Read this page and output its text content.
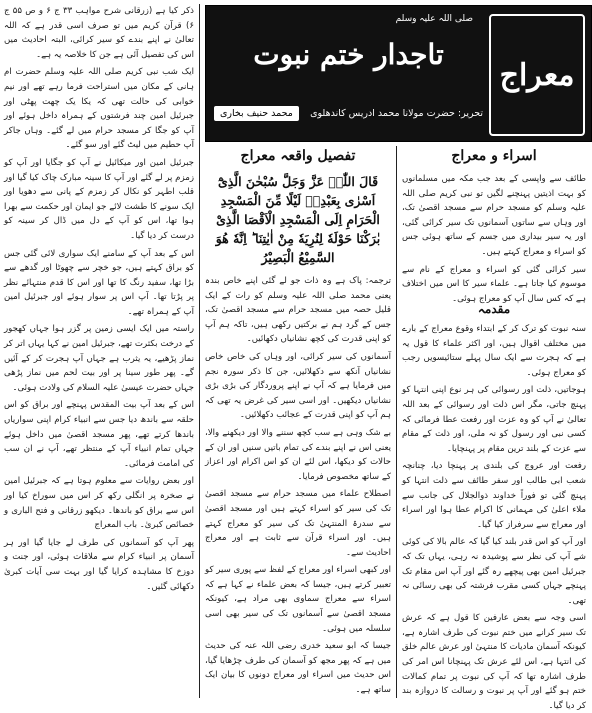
معراج
صلی اللہ علیہ وسلم
تاجدار ختم نبوت
تحریر: حضرت مولانا محمد ادریس کاندھلوی
محمد حنیف بخاری

ذکر کیا ہے (زرقانی شرح مواہب ۳۳ ج ۶ و ص ۵۵ ج ۶) قرآن کریم میں تو صرف اسی قدر ہے کہ اللہ تعالیٰ نے اپنے بندے کو سیر کرائی، البتہ احادیث میں اس کی تفصیل آئی ہے جن کا خلاصہ یہ ہے۔

ایک شب نبی کریم صلی اللہ علیہ وسلم حضرت ام ہانی کے مکان میں استراحت فرما رہے تھے اور نیم خوابی کی حالت تھی کہ یکا یک چھت پھٹی اور جبرئیل امین چند فرشتوں کے ہمراہ داخل ہوئے اور آپ کو جگا کر مسجد حرام میں لے گئے۔ وہاں جاکر آپ حطیم میں لیٹ گئے اور سو گئے۔

جبرئیل امین اور میکائیل نے آپ کو جگایا اور آپ کو زمزم پر لے گئے اور آپ کا سینہ مبارک چاک کیا گیا اور قلب اطہر کو نکال کر زمزم کے پانی سے دھویا اور ایک سونے کا طشت لائے جو ایمان اور حکمت سے بھرا ہوا تھا، اس کو آپ کے دل میں ڈال کر سینہ کو درست کر دیا گیا۔

اس کے بعد آپ کے سامنے ایک سواری لائی گئی جس کو براق کہتے ہیں، جو خچر سے چھوٹا اور گدھے سے بڑا تھا، سفید رنگ کا تھا اور اس کا قدم منتہائے نظر پر پڑتا تھا۔ آپ اس پر سوار ہوئے اور جبرئیل امین آپ کے ہمراہ تھے۔

راستہ میں ایک ایسی زمین پر گزر ہوا جہاں کھجور کے درخت بکثرت تھے، جبرئیل امین نے کہا یہاں اتر کر نماز پڑھیے، یہ یثرب ہے جہاں آپ ہجرت کر کے آئیں گے۔ پھر طور سینا پر اور بیت لحم میں نماز پڑھی جہاں حضرت عیسیٰ علیہ السلام کی ولادت ہوئی۔

اس کے بعد آپ بیت المقدس پہنچے اور براق کو اس حلقہ سے باندھ دیا جس سے انبیاء کرام اپنی سواریاں باندھا کرتے تھے، پھر مسجد اقصیٰ میں داخل ہوئے جہاں تمام انبیاء آپ کے منتظر تھے، آپ نے ان سب کی امامت فرمائی۔

اور بعض روایات سے معلوم ہوتا ہے کہ جبرئیل امین نے صخرہ پر انگلی رکھ کر اس میں سوراخ کیا اور اس سے براق کو باندھا۔ دیکھو زرقانی و فتح الباری و خصائص کبریٰ۔ باب المعراج

پھر آپ کو آسمانوں کی طرف لے جایا گیا اور ہر آسمان پر انبیاء کرام سے ملاقات ہوئی، اور جنت و دوزخ کا مشاہدہ کرایا گیا اور بہت سی آیات کبریٰ دکھائی گئیں۔

تفصیل واقعہ معراج
قَالَ اللّٰہُ عَزَّ وَجَلَّ سُبْحٰنَ الَّذِیْٓ اَسْرٰی بِعَبْدِهٖ لَیْلًا مِّنَ الْمَسْجِدِ الْحَرَامِ اِلَى الْمَسْجِدِ الْاَقْصَا الَّذِیْ بٰرَكْنَا حَوْلَهٗ لِنُرِیَهٗ مِنْ اٰیٰتِنَا ؕ اِنَّهٗ هُوَ السَّمِیْعُ الْبَصِیْرُ

ترجمہ: پاک ہے وہ ذات جو لے گئی اپنے خاص بندہ یعنی محمد صلی اللہ علیہ وسلم کو رات کے ایک قلیل حصہ میں مسجد حرام سے مسجد اقصیٰ تک، جس کے گرد ہم نے برکتیں رکھی ہیں، تاکہ ہم آپ کو اپنی قدرت کی کچھ نشانیاں دکھائیں۔

آسمانوں کی سیر کرائی، اور وہاں کی خاص خاص نشانیاں آنکھ سے دکھلائیں، جن کا ذکر سورہ نجم میں فرمایا ہے کہ آپ نے اپنے پروردگار کی بڑی بڑی نشانیاں دیکھیں۔ اور اسی سیر کی غرض یہ تھی کہ ہم آپ کو اپنی قدرت کے عجائب دکھلائیں۔

بے شک وہی ہے سب کچھ سننے والا اور دیکھنے والا، یعنی اس نے اپنے بندے کی تمام باتیں سنیں اور ان کے حالات کو دیکھا، اس لئے ان کو اس اکرام اور اعزاز کے ساتھ مخصوص فرمایا۔

اصطلاح علماء میں مسجد حرام سے مسجد اقصیٰ تک کی سیر کو اسراء کہتے ہیں اور مسجد اقصیٰ سے سدرۃ المنتہیٰ تک کی سیر کو معراج کہتے ہیں۔ اور اسراء قرآن سے ثابت ہے اور معراج احادیث سے۔

اور کبھی اسراء اور معراج کے لفظ سے پوری سیر کو تعبیر کرتے ہیں، جیسا کہ بعض علماء نے کہا ہے کہ اسراء سے معراج سماوی بھی مراد ہے، کیونکہ مسجد اقصیٰ سے آسمانوں تک کی سیر بھی اسی سلسلہ میں ہوئی۔

جیسا کہ ابو سعید خدری رضی اللہ عنہ کی حدیث میں ہے کہ پھر مجھ کو آسمان کی طرف چڑھایا گیا، اس حدیث میں اسراء اور معراج دونوں کا بیان ایک ساتھ ہے۔

اسراء و معراج

طائف سے واپسی کے بعد جب مکہ میں مسلمانوں کو بہت اذیتیں پہنچنے لگیں تو نبی کریم صلی اللہ علیہ وسلم کو مسجد حرام سے مسجد اقصیٰ تک، اور وہاں سے ساتوں آسمانوں تک سیر کرائی گئی، اور یہ سیر بیداری میں جسم کے ساتھ ہوئی جس کو اسراء و معراج کہتے ہیں۔

سیر کرائی گئی کو اسراء و معراج کے نام سے موسوم کیا جاتا ہے۔ علماء سیر کا اس میں اختلاف ہے کہ کس سال آپ کو معراج ہوئی۔

مقدمہ

سنہ نبوت کو ترک کر کے ابتداء وقوع معراج کے بارے میں مختلف اقوال ہیں، اور اکثر علماء کا قول یہ ہے کہ ہجرت سے ایک سال پہلے ستائیسویں رجب کو معراج ہوئی۔

ہوجاتیں، ذلت اور رسوائی کی ہر نوع اپنی انتہا کو پہنچ جاتی، مگر اس ذلت اور رسوائی کے بعد اللہ تعالیٰ نے آپ کو وہ عزت اور رفعت عطا فرمائی کہ کسی نبی اور رسول کو نہ ملی، اور ذلت کے مقام سے عزت کے بلند ترین مقام پر پہنچایا۔

رفعت اور عروج کی بلندی پر پہنچا دیا، چنانچہ شعب ابی طالب اور سفر طائف سے ذلت انتہا کو پہنچ گئی تو فوراً خداوند ذوالجلال کی جانب سے ملاء اعلیٰ کی مہمانی کا اکرام عطا ہوا اور اسراء اور معراج سے سرفراز کیا گیا۔

اور آپ کو اس قدر بلند کیا گیا کہ عالم بالا کی کوئی شے آپ کی نظر سے پوشیدہ نہ رہی، یہاں تک کہ جبرئیل امین بھی پیچھے رہ گئے اور آپ اس مقام تک پہنچے جہاں کسی مقرب فرشتہ کی بھی رسائی نہ تھی۔

اسی وجہ سے بعض عارفین کا قول ہے کہ عرش تک سیر کرانے میں ختم نبوت کی طرف اشارہ ہے، کیونکہ آسمان مادیات کا منتہیٰ اور عرش عالم خلق کی انتہا ہے، اس لئے عرش تک پہنچانا اس امر کی طرف اشارہ تھا کہ آپ کی نبوت پر تمام کمالات ختم ہو گئے اور آپ پر نبوت و رسالت کا دروازہ بند کر دیا گیا۔
